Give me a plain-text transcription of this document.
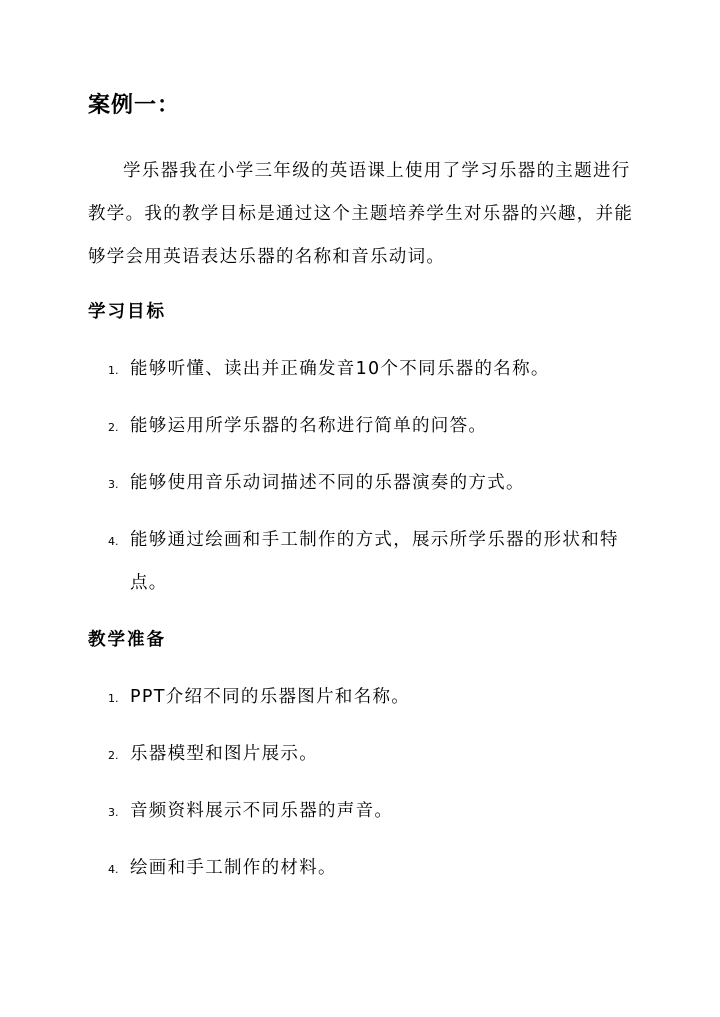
案例一：

学乐器我在小学三年级的英语课上使用了学习乐器的主题进行教学。我的教学目标是通过这个主题培养学生对乐器的兴趣，并能够学会用英语表达乐器的名称和音乐动词。

学习目标
1. 能够听懂、读出并正确发音10个不同乐器的名称。
2. 能够运用所学乐器的名称进行简单的问答。
3. 能够使用音乐动词描述不同的乐器演奏的方式。
4. 能够通过绘画和手工制作的方式，展示所学乐器的形状和特点。
教学准备
1. PPT介绍不同的乐器图片和名称。
2. 乐器模型和图片展示。
3. 音频资料展示不同乐器的声音。
4. 绘画和手工制作的材料。
